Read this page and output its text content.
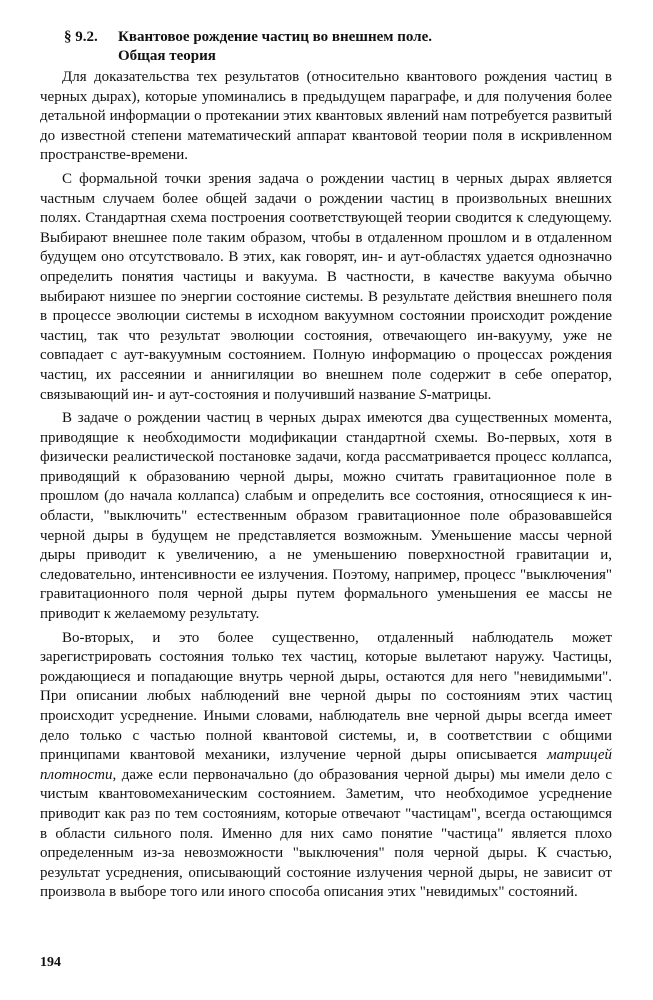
§ 9.2. Квантовое рождение частиц во внешнем поле.
Общая теория

Для доказательства тех результатов (относительно квантового рождения частиц в черных дырах), которые упоминались в предыдущем параграфе, и для получения более детальной информации о протекании этих квантовых явлений нам потребуется развитый до известной степени математический аппарат квантовой теории поля в искривленном пространстве-времени.

С формальной точки зрения задача о рождении частиц в черных дырах является частным случаем более общей задачи о рождении частиц в произвольных внешних полях. Стандартная схема построения соответствующей теории сводится к следующему. Выбирают внешнее поле таким образом, чтобы в отдаленном прошлом и в отдаленном будущем оно отсутствовало. В этих, как говорят, ин- и аут-областях удается однозначно определить понятия частицы и вакуума. В частности, в качестве вакуума обычно выбирают низшее по энергии состояние системы. В результате действия внешнего поля в процессе эволюции системы в исходном вакуумном состоянии происходит рождение частиц, так что результат эволюции состояния, отвечающего ин-вакууму, уже не совпадает с аут-вакуумным состоянием. Полную информацию о процессах рождения частиц, их рассеянии и аннигиляции во внешнем поле содержит в себе оператор, связывающий ин- и аут-состояния и получивший название S-матрицы.

В задаче о рождении частиц в черных дырах имеются два существенных момента, приводящие к необходимости модификации стандартной схемы. Во-первых, хотя в физически реалистической постановке задачи, когда рассматривается процесс коллапса, приводящий к образованию черной дыры, можно считать гравитационное поле в прошлом (до начала коллапса) слабым и определить все состояния, относящиеся к ин-области, "выключить" естественным образом гравитационное поле образовавшейся черной дыры в будущем не представляется возможным. Уменьшение массы черной дыры приводит к увеличению, а не уменьшению поверхностной гравитации и, следовательно, интенсивности ее излучения. Поэтому, например, процесс "выключения" гравитационного поля черной дыры путем формального уменьшения ее массы не приводит к желаемому результату.

Во-вторых, и это более существенно, отдаленный наблюдатель может зарегистрировать состояния только тех частиц, которые вылетают наружу. Частицы, рождающиеся и попадающие внутрь черной дыры, остаются для него "невидимыми". При описании любых наблюдений вне черной дыры по состояниям этих частиц происходит усреднение. Иными словами, наблюдатель вне черной дыры всегда имеет дело только с частью полной квантовой системы, и, в соответствии с общими принципами квантовой механики, излучение черной дыры описывается матрицей плотности, даже если первоначально (до образования черной дыры) мы имели дело с чистым квантовомеханическим состоянием. Заметим, что необходимое усреднение приводит как раз по тем состояниям, которые отвечают "частицам", всегда остающимся в области сильного поля. Именно для них само понятие "частица" является плохо определенным из-за невозможности "выключения" поля черной дыры. К счастью, результат усреднения, описывающий состояние излучения черной дыры, не зависит от произвола в выборе того или иного способа описания этих "невидимых" состояний.

194
